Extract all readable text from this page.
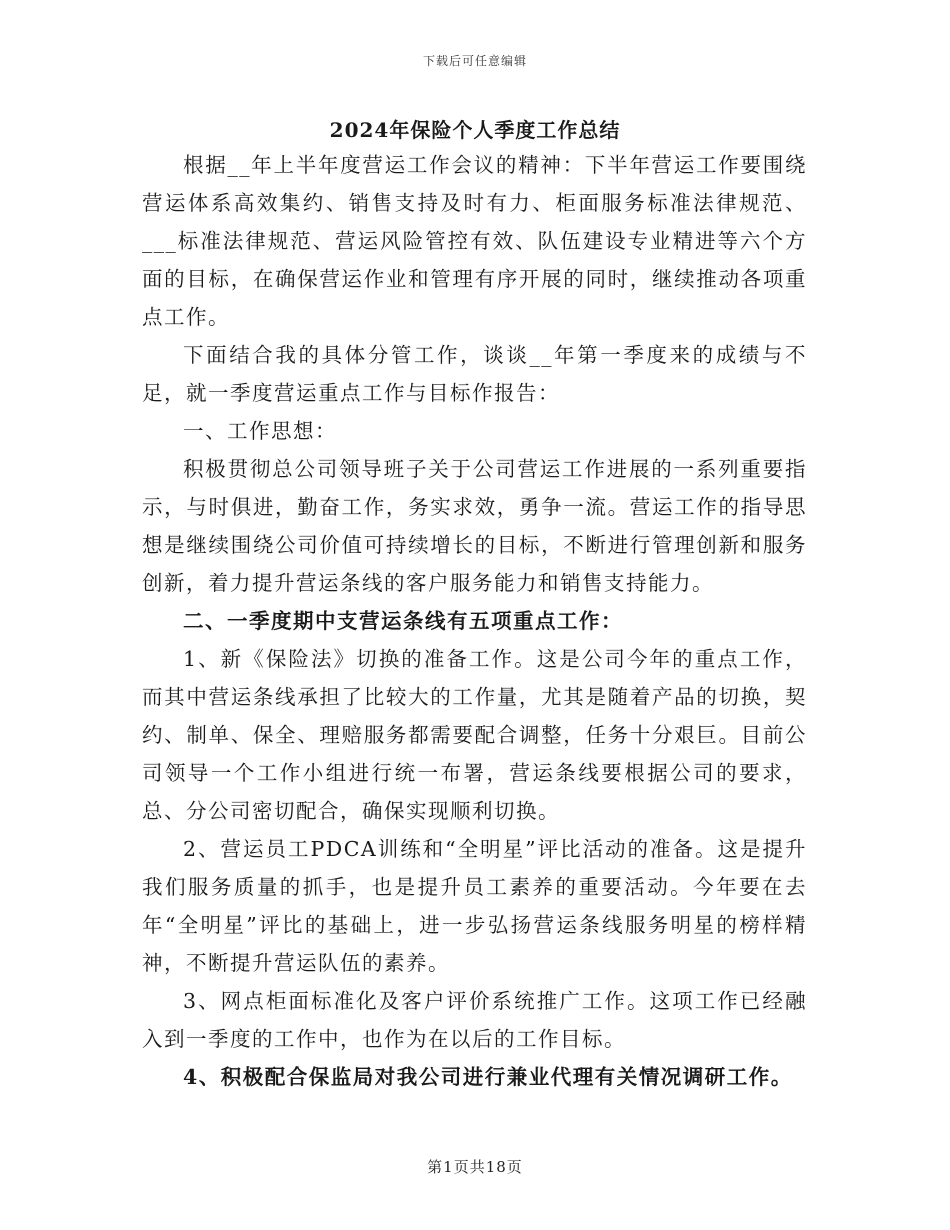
下载后可任意编辑
2024年保险个人季度工作总结

根据__年上半年度营运工作会议的精神：下半年营运工作要围绕营运体系高效集约、销售支持及时有力、柜面服务标准法律规范、___标准法律规范、营运风险管控有效、队伍建设专业精进等六个方面的目标，在确保营运作业和管理有序开展的同时，继续推动各项重点工作。

下面结合我的具体分管工作，谈谈__年第一季度来的成绩与不足，就一季度营运重点工作与目标作报告：

一、工作思想：

积极贯彻总公司领导班子关于公司营运工作进展的一系列重要指示，与时俱进，勤奋工作，务实求效，勇争一流。营运工作的指导思想是继续围绕公司价值可持续增长的目标，不断进行管理创新和服务创新，着力提升营运条线的客户服务能力和销售支持能力。

二、一季度期中支营运条线有五项重点工作：

1、新《保险法》切换的准备工作。这是公司今年的重点工作，而其中营运条线承担了比较大的工作量，尤其是随着产品的切换，契约、制单、保全、理赔服务都需要配合调整，任务十分艰巨。目前公司领导一个工作小组进行统一布署，营运条线要根据公司的要求，总、分公司密切配合，确保实现顺利切换。

2、营运员工PDCA训练和“全明星”评比活动的准备。这是提升我们服务质量的抓手，也是提升员工素养的重要活动。今年要在去年“全明星”评比的基础上，进一步弘扬营运条线服务明星的榜样精神，不断提升营运队伍的素养。

3、网点柜面标准化及客户评价系统推广工作。这项工作已经融入到一季度的工作中，也作为在以后的工作目标。

4、积极配合保监局对我公司进行兼业代理有关情况调研工作。

第1页共18页
